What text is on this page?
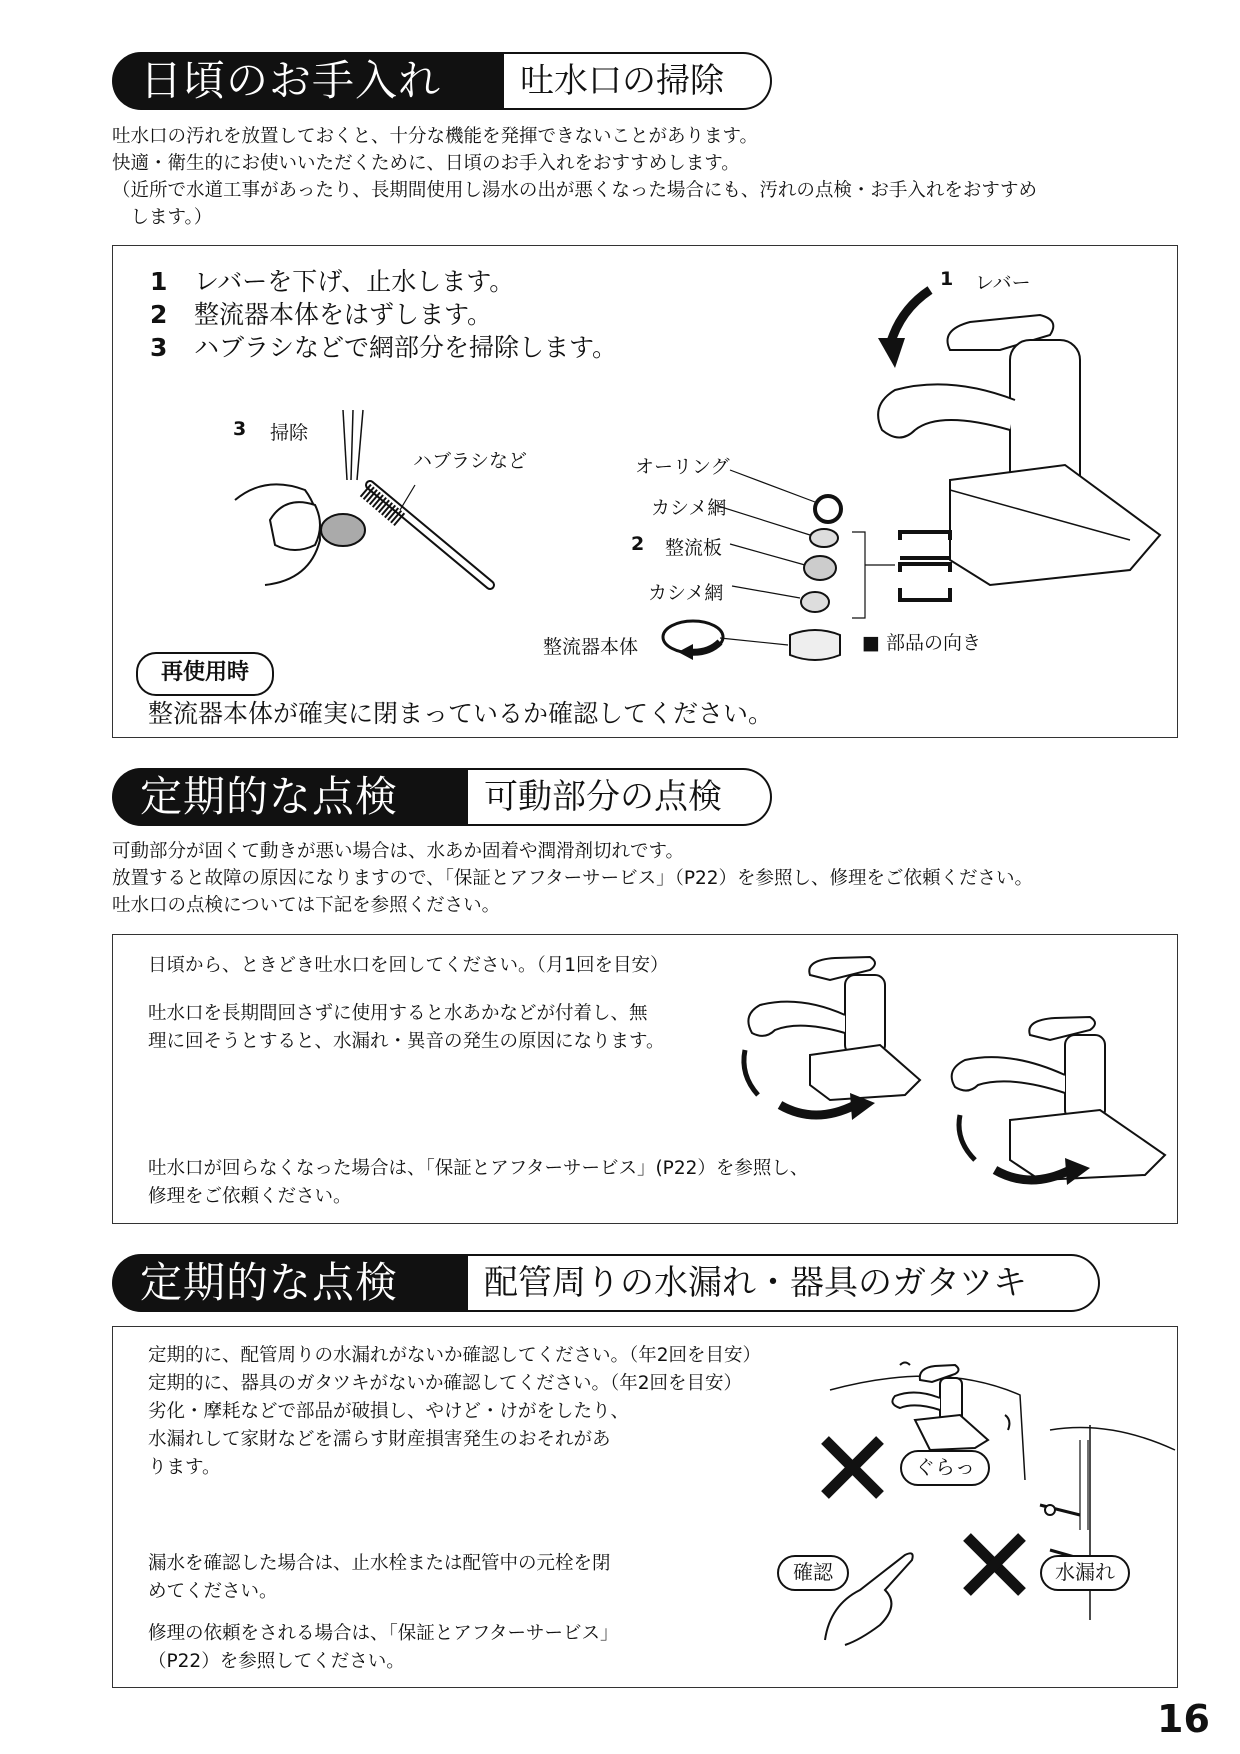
日頃のお手入れ	吐水口の掃除
吐水口の汚れを放置しておくと、十分な機能を発揮できないことがあります。
快適・衛生的にお使いいただくために、日頃のお手入れをおすすめします。
（近所で水道工事があったり、長期間使用し湯水の出が悪くなった場合にも、汚れの点検・お手入れをおすすめ
　します。）
1 レバーを下げ、止水します。
2 整流器本体をはずします。
3 ハブラシなどで網部分を掃除します。
1 レバー
オーリング
カシメ網
2 整流板
カシメ網
整流器本体	■ 部品の向き
3 掃除
ハブラシなど
再使用時
整流器本体が確実に閉まっているか確認してください。
定期的な点検	可動部分の点検
可動部分が固くて動きが悪い場合は、水あか固着や潤滑剤切れです。
放置すると故障の原因になりますので、「保証とアフターサービス」（P22）を参照し、修理をご依頼ください。
吐水口の点検については下記を参照ください。
日頃から、ときどき吐水口を回してください。（月1回を目安）
吐水口を長期間回さずに使用すると水あかなどが付着し、無
理に回そうとすると、水漏れ・異音の発生の原因になります。
吐水口が回らなくなった場合は、「保証とアフターサービス」(P22）を参照し、
修理をご依頼ください。
定期的な点検	配管周りの水漏れ・器具のガタツキ
定期的に、配管周りの水漏れがないか確認してください。（年2回を目安）
定期的に、器具のガタツキがないか確認してください。（年2回を目安）
劣化・摩耗などで部品が破損し、やけど・けがをしたり、
水漏れして家財などを濡らす財産損害発生のおそれがあ
ります。
漏水を確認した場合は、止水栓または配管中の元栓を閉
めてください。
修理の依頼をされる場合は、「保証とアフターサービス」
（P22）を参照してください。
ぐらっ
確認	水漏れ
16
